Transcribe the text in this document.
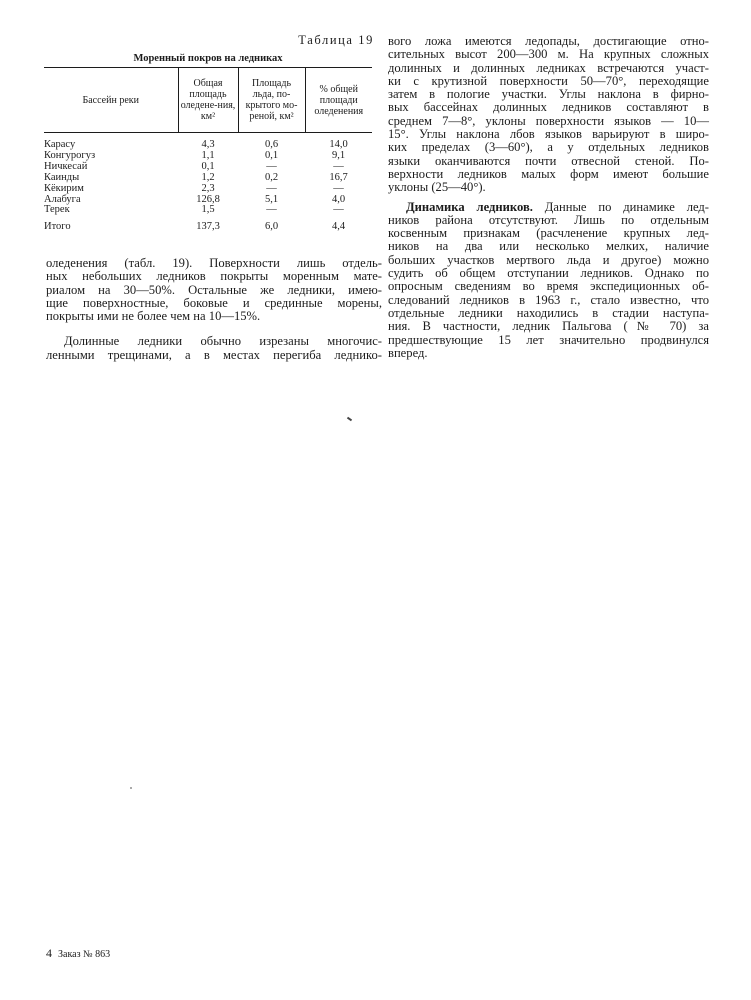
Таблица 19
Моренный покров на ледниках
Бассейн реки	Общая площадь оледене-ния, км²	Площадь льда, по-крытого мо-реной, км²	% общей площади оледенения
Карасу	4,3	0,6	14,0
Конгурогуз	1,1	0,1	9,1
Ничкесай	0,1	—	—
Каинды	1,2	0,2	16,7
Кёкирим	2,3	—	—
Алабуга	126,8	5,1	4,0
Терек	1,5	—	—
Итого	137,3	6,0	4,4

оледенения (табл. 19). Поверхности лишь отдель-
ных небольших ледников покрыты моренным мате-
риалом на 30—50%. Остальные же ледники, имею-
щие поверхностные, боковые и срединные морены,
покрыты ими не более чем на 10—15%.

Долинные ледники обычно изрезаны многочис-
ленными трещинами, а в местах перегиба леднико-

вого ложа имеются ледопады, достигающие отно-
сительных высот 200—300 м. На крупных сложных
долинных и долинных ледниках встречаются участ-
ки с крутизной поверхности 50—70°, переходящие
затем в пологие участки. Углы наклона в фирно-
вых бассейнах долинных ледников составляют в
среднем 7—8°, уклоны поверхности языков — 10—
15°. Углы наклона лбов языков варьируют в широ-
ких пределах (3—60°), а у отдельных ледников
языки оканчиваются почти отвесной стеной. По-
верхности ледников малых форм имеют большие
уклоны (25—40°).

Динамика ледников. Данные по динамике лед-
ников района отсутствуют. Лишь по отдельным
косвенным признакам (расчленение крупных лед-
ников на два или несколько мелких, наличие
больших участков мертвого льда и другое) можно
судить об общем отступании ледников. Однако по
опросным сведениям во время экспедиционных об-
следований ледников в 1963 г., стало известно, что
отдельные ледники находились в стадии наступа-
ния. В частности, ледник Пальгова (№ 70) за
предшествующие 15 лет значительно продвинулся
вперед.

4 Заказ № 863
